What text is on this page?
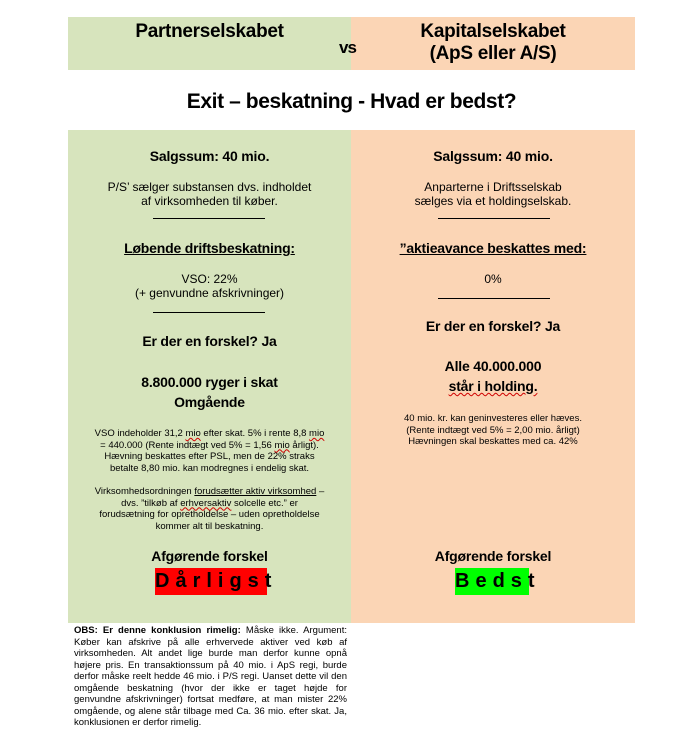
Partnerselskabet
vs
Kapitalselskabet
(ApS eller A/S)
Exit – beskatning - Hvad er bedst?
Salgssum: 40 mio.
P/S’ sælger substansen dvs. indholdet
af virksomheden til køber.
Løbende driftsbeskatning:
VSO: 22%
(+ genvundne afskrivninger)
Er der en forskel? Ja
8.800.000 ryger i skat
Omgående
VSO indeholder 31,2 mio efter skat. 5% i rente 8,8 mio
= 440.000 (Rente indtægt ved 5% = 1,56 mio årligt).
Hævning beskattes efter PSL, men de 22% straks
betalte 8,80 mio. kan modregnes i endelig skat.
Virksomhedsordningen forudsætter aktiv virksomhed –
dvs. ”tilkøb af erhversaktiv solcelle etc.” er
forudsætning for opretholdelse – uden opretholdelse
kommer alt til beskatning.
Afgørende forskel
Dårligst
Salgssum: 40 mio.
Anparterne i Driftsselskab
sælges via et holdingselskab.
”aktieavance beskattes med:
0%
Er der en forskel? Ja
Alle 40.000.000
står i holding.
40 mio. kr. kan geninvesteres eller hæves.
(Rente indtægt ved 5% = 2,00 mio. årligt)
Hævningen skal beskattes med ca. 42%
Afgørende forskel
Bedst
OBS: Er denne konklusion rimelig: Måske ikke. Argument: Køber kan afskrive på alle erhvervede aktiver ved køb af virksomheden. Alt andet lige burde man derfor kunne opnå højere pris. En transaktionssum på 40 mio. i ApS regi, burde derfor måske reelt hedde 46 mio. i P/S regi. Uanset dette vil den omgående beskatning (hvor der ikke er taget højde for genvundne afskrivninger) fortsat medføre, at man mister 22% omgående, og alene står tilbage med Ca. 36 mio. efter skat. Ja, konklusionen er derfor rimelig.
